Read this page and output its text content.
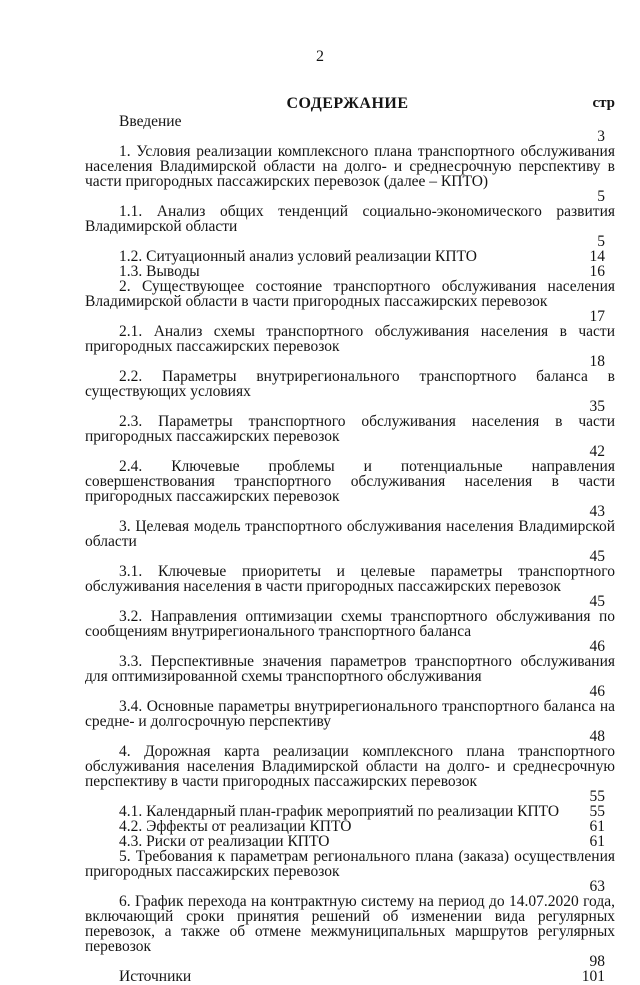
2
СОДЕРЖАНИЕ	стр
Введение
3
1. Условия реализации комплексного плана транспортного обслуживания населения Владимирской области на долго- и среднесрочную перспективу в части пригородных пассажирских перевозок (далее – КПТО)
5
1.1. Анализ общих тенденций социально-экономического развития Владимирской области
5
1.2. Ситуационный анализ условий реализации КПТО	14
1.3. Выводы	16
2. Существующее состояние транспортного обслуживания населения Владимирской области в части пригородных пассажирских перевозок
17
2.1. Анализ схемы транспортного обслуживания населения в части пригородных пассажирских перевозок
18
2.2. Параметры внутрирегионального транспортного баланса в существующих условиях
35
2.3. Параметры транспортного обслуживания населения в части пригородных пассажирских перевозок
42
2.4. Ключевые проблемы и потенциальные направления совершенствования транспортного обслуживания населения в части пригородных пассажирских перевозок
43
3. Целевая модель транспортного обслуживания населения Владимирской области
45
3.1. Ключевые приоритеты и целевые параметры транспортного обслуживания населения в части пригородных пассажирских перевозок
45
3.2. Направления оптимизации схемы транспортного обслуживания по сообщениям внутрирегионального транспортного баланса
46
3.3. Перспективные значения параметров транспортного обслуживания для оптимизированной схемы транспортного обслуживания
46
3.4. Основные параметры внутрирегионального транспортного баланса на средне- и долгосрочную перспективу
48
4. Дорожная карта реализации комплексного плана транспортного обслуживания населения Владимирской области на долго- и среднесрочную перспективу в части пригородных пассажирских перевозок
55
4.1. Календарный план-график мероприятий по реализации КПТО 55
4.2. Эффекты от реализации КПТО	61
4.3. Риски от реализации КПТО	61
5. Требования к параметрам регионального плана (заказа) осуществления пригородных пассажирских перевозок
63
6. График перехода на контрактную систему на период до 14.07.2020 года, включающий сроки принятия решений об изменении вида регулярных перевозок, а также об отмене межмуниципальных маршрутов регулярных перевозок
98
Источники	101
